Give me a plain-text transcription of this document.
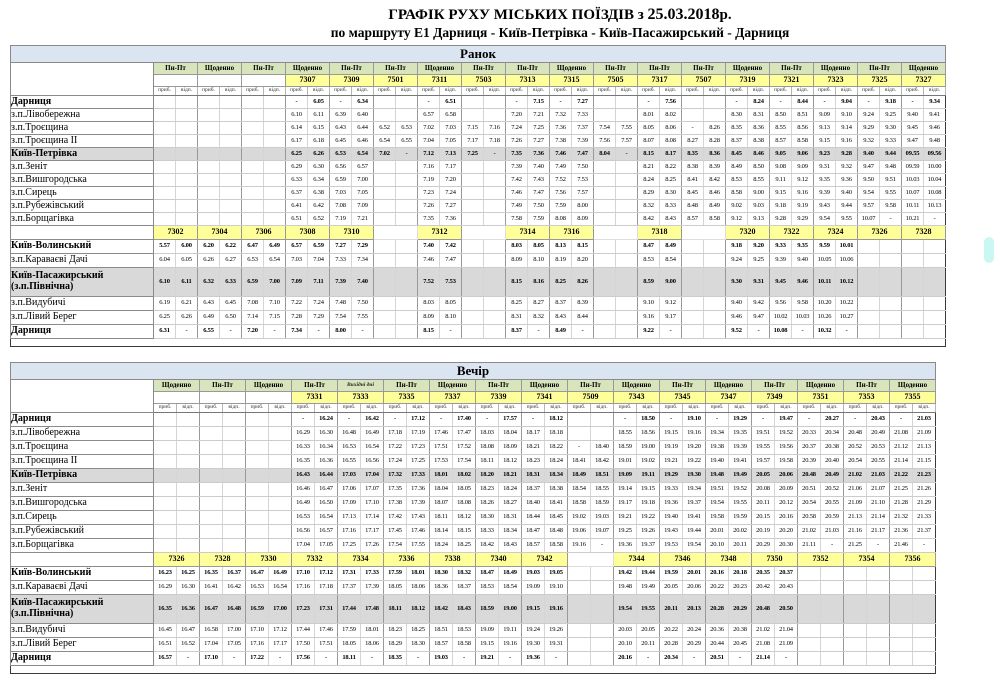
ГРАФІК РУХУ МІСЬКИХ ПОЇЗДІВ з 25.03.2018р.
по маршруту Е1 Дарниця - Київ-Петрівка - Київ-Пасажирський - Дарниця
Ранок																																				
	Пн-Пт		Щоденно		Пн-Пт		Щоденно		Пн-Пт		Пн-Пт		Щоденно		Пн-Пт		Пн-Пт		Щоденно		Пн-Пт		Пн-Пт		Пн-Пт		Щоденно		Пн-Пт		Щоденно		Пн-Пт		Щоденно	
							7307		7309		7501		7311		7503		7313		7315		7505		7317		7507		7319		7321		7323		7325		7327	
	приб.	відп.	приб.	відп.	приб.	відп.	приб.	відп.	приб.	відп.	приб.	відп.	приб.	відп.	приб.	відп.	приб.	відп.	приб.	відп.	приб.	відп.	приб.	відп.	приб.	відп.	приб.	відп.	приб.	відп.	приб.	відп.	приб.	відп.	приб.	відп.
Дарниця							-	6.05	-	6.34			-	6.51			-	7.15	-	7.27			-	7.56			-	8.24	-	8.44	-	9.04	-	9.18	-	9.34
з.п.Лівобережна							6.10	6.11	6.39	6.40			6.57	6.58			7.20	7.21	7.32	7.33			8.01	8.02			8.30	8.31	8.50	8.51	9.09	9.10	9.24	9.25	9.40	9.41
з.п.Троєщина							6.14	6.15	6.43	6.44	6.52	6.53	7.02	7.03	7.15	7.16	7.24	7.25	7.36	7.37	7.54	7.55	8.05	8.06	-	8.26	8.35	8.36	8.55	8.56	9.13	9.14	9.29	9.30	9.45	9.46
з.п.Троєщина ІІ							6.17	6.18	6.45	6.46	6.54	6.55	7.04	7.05	7.17	7.18	7.26	7.27	7.38	7.39	7.56	7.57	8.07	8.08	8.27	8.28	8.37	8.38	8.57	8.58	9.15	9.16	9.32	9.33	9.47	9.48
Київ-Петрівка							6.25	6.26	6.53	6.54	7.02	-	7.12	7.13	7.25	-	7.35	7.36	7.46	7.47	8.04	-	8.15	8.17	8.35	8.36	8.45	8.46	9.05	9.06	9.23	9.28	9.40	9.44	09.55	09.56
з.п.Зеніт							6.29	6.30	6.56	6.57			7.16	7.17			7.39	7.40	7.49	7.50			8.21	8.22	8.38	8.39	8.49	8.50	9.08	9.09	9.31	9.32	9.47	9.48	09.59	10.00
з.п.Вишгородська							6.33	6.34	6.59	7.00			7.19	7.20			7.42	7.43	7.52	7.53			8.24	8.25	8.41	8.42	8.53	8.55	9.11	9.12	9.35	9.36	9.50	9.51	10.03	10.04
з.п.Сирець							6.37	6.38	7.03	7.05			7.23	7.24			7.46	7.47	7.56	7.57			8.29	8.30	8.45	8.46	8.58	9.00	9.15	9.16	9.39	9.40	9.54	9.55	10.07	10.08
з.п.Рубежівський							6.41	6.42	7.08	7.09			7.26	7.27			7.49	7.50	7.59	8.00			8.32	8.33	8.48	8.49	9.02	9.03	9.18	9.19	9.43	9.44	9.57	9.58	10.11	10.13
з.п.Борщагівка							6.51	6.52	7.19	7.21			7.35	7.36			7.58	7.59	8.08	8.09			8.42	8.43	8.57	8.58	9.12	9.13	9.28	9.29	9.54	9.55	10.07	-	10.21	-
	7302		7304		7306		7308		7310				7312				7314		7316				7318				7320		7322		7324		7326		7328	
Київ-Волинський	5.57	6.00	6.20	6.22	6.47	6.49	6.57	6.59	7.27	7.29			7.40	7.42			8.03	8.05	8.13	8.15			8.47	8.49			9.18	9.20	9.33	9.35	9.59	10.01				
з.п.Караваєві Дачі	6.04	6.05	6.26	6.27	6.53	6.54	7.03	7.04	7.33	7.34			7.46	7.47			8.09	8.10	8.19	8.20			8.53	8.54			9.24	9.25	9.39	9.40	10.05	10.06				
Київ-Пасажирський (з.п.Північна)	6.10	6.11	6.32	6.33	6.59	7.00	7.09	7.11	7.39	7.40			7.52	7.53			8.15	8.16	8.25	8.26			8.59	9.00			9.30	9.31	9.45	9.46	10.11	10.12				
з.п.Видубичі	6.19	6.21	6.43	6.45	7.08	7.10	7.22	7.24	7.48	7.50			8.03	8.05			8.25	8.27	8.37	8.39			9.10	9.12			9.40	9.42	9.56	9.58	10.20	10.22				
з.п.Лівий Берег	6.25	6.26	6.49	6.50	7.14	7.15	7.28	7.29	7.54	7.55			8.09	8.10			8.31	8.32	8.43	8.44			9.16	9.17			9.46	9.47	10.02	10.03	10.26	10.27				
Дарниця	6.31	-	6.55	-	7.20	-	7.34	-	8.00	-			8.15	-			8.37	-	8.49	-			9.22	-			9.52	-	10.08	-	10.32	-				

Вечір																																		
	Щоденно		Пн-Пт		Щоденно		Пн-Пт		Вихідні дні		Пн-Пт		Щоденно		Пн-Пт		Щоденно		Пн-Пт		Щоденно		Пн-Пт		Щоденно		Пн-Пт		Щоденно		Пн-Пт		Щоденно	
							7331		7333		7335		7337		7339		7341		7509		7343		7345		7347		7349		7351		7353		7355	
	приб.	відп.	приб.	відп.	приб.	відп.	приб.	відп.	приб.	відп.	приб.	відп.	приб.	відп.	приб.	відп.	приб.	відп.	приб.	відп.	приб.	відп.	приб.	відп.	приб.	відп.	приб.	відп.	приб.	відп.	приб.	відп.	приб.	відп.
Дарниця							-	16.24	-	16.42	-	17.12	-	17.40	-	17.57	-	18.12			-	18.50	-	19.10	-	19.29	-	19.47	-	20.27	-	20.43	-	21.03
з.п.Лівобережна							16.29	16.30	16.48	16.49	17.18	17.19	17.46	17.47	18.03	18.04	18.17	18.18			18.55	18.56	19.15	19.16	19.34	19.35	19.51	19.52	20.33	20.34	20.48	20.49	21.08	21.09
з.п.Троєщина							16.33	16.34	16.53	16.54	17.22	17.23	17.51	17.52	18.08	18.09	18.21	18.22	-	18.40	18.59	19.00	19.19	19.20	19.38	19.39	19.55	19.56	20.37	20.38	20.52	20.53	21.12	21.13
з.п.Троєщина ІІ							16.35	16.36	16.55	16.56	17.24	17.25	17.53	17.54	18.11	18.12	18.23	18.24	18.41	18.42	19.01	19.02	19.21	19.22	19.40	19.41	19.57	19.58	20.39	20.40	20.54	20.55	21.14	21.15
Київ-Петрівка							16.43	16.44	17.03	17.04	17.32	17.33	18.01	18.02	18.20	18.21	18.31	18.34	18.49	18.51	19.09	19.11	19.29	19.30	19.48	19.49	20.05	20.06	20.48	20.49	21.02	21.03	21.22	21.23
з.п.Зеніт							16.46	16.47	17.06	17.07	17.35	17.36	18.04	18.05	18.23	18.24	18.37	18.38	18.54	18.55	19.14	19.15	19.33	19.34	19.51	19.52	20.08	20.09	20.51	20.52	21.06	21.07	21.25	21.26
з.п.Вишгородська							16.49	16.50	17.09	17.10	17.38	17.39	18.07	18.08	18.26	18.27	18.40	18.41	18.58	18.59	19.17	19.18	19.36	19.37	19.54	19.55	20.11	20.12	20.54	20.55	21.09	21.10	21.28	21.29
з.п.Сирець							16.53	16.54	17.13	17.14	17.42	17.43	18.11	18.12	18.30	18.31	18.44	18.45	19.02	19.03	19.21	19.22	19.40	19.41	19.58	19.59	20.15	20.16	20.58	20.59	21.13	21.14	21.32	21.33
з.п.Рубежівський							16.56	16.57	17.16	17.17	17.45	17.46	18.14	18.15	18.33	18.34	18.47	18.48	19.06	19.07	19.25	19.26	19.43	19.44	20.01	20.02	20.19	20.20	21.02	21.03	21.16	21.17	21.36	21.37
з.п.Борщагівка							17.04	17.05	17.25	17.26	17.54	17.55	18.24	18.25	18.42	18.43	18.57	18.58	19.16	-	19.36	19.37	19.53	19.54	20.10	20.11	20.29	20.30	21.11	-	21.25	-	21.46	-
	7326		7328		7330		7332		7334		7336		7338		7340		7342				7344		7346		7348		7350		7352		7354		7356	
Київ-Волинський	16.23	16.25	16.35	16.37	16.47	16.49	17.10	17.12	17.31	17.33	17.59	18.01	18.30	18.32	18.47	18.49	19.03	19.05			19.42	19.44	19.59	20.01	20.16	20.18	20.35	20.37						
з.п.Караваєві Дачі	16.29	16.30	16.41	16.42	16.53	16.54	17.16	17.18	17.37	17.39	18.05	18.06	18.36	18.37	18.53	18.54	19.09	19.10			19.48	19.49	20.05	20.06	20.22	20.23	20.42	20.43						
Київ-Пасажирський (з.п.Північна)	16.35	16.36	16.47	16.48	16.59	17.00	17.23	17.31	17.44	17.48	18.11	18.12	18.42	18.43	18.59	19.00	19.15	19.16			19.54	19.55	20.11	20.13	20.28	20.29	20.48	20.50						
з.п.Видубичі	16.45	16.47	16.58	17.00	17.10	17.12	17.44	17.46	17.59	18.01	18.23	18.25	18.51	18.53	19.09	19.11	19.24	19.26			20.03	20.05	20.22	20.24	20.36	20.38	21.02	21.04						
з.п.Лівий Берег	16.51	16.52	17.04	17.05	17.16	17.17	17.50	17.51	18.05	18.06	18.29	18.30	18.57	18.58	19.15	19.16	19.30	19.31			20.10	20.11	20.28	20.29	20.44	20.45	21.08	21.09						
Дарниця	16.57	-	17.10	-	17.22	-	17.56	-	18.11	-	18.35	-	19.03	-	19.21	-	19.36	-			20.16	-	20.34	-	20.51	-	21.14	-						
